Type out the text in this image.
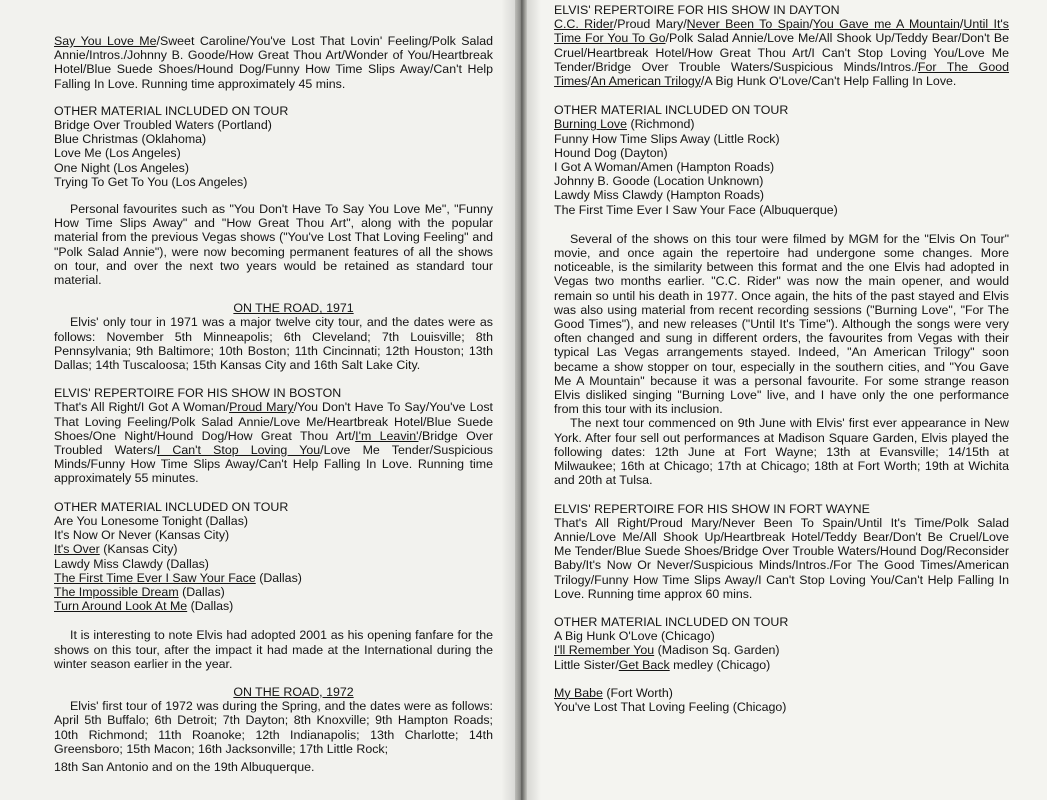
Say You Love Me/Sweet Caroline/You've Lost That Lovin' Feeling/Polk Salad Annie/Intros./Johnny B. Goode/How Great Thou Art/Wonder of You/Heartbreak Hotel/Blue Suede Shoes/Hound Dog/Funny How Time Slips Away/Can't Help Falling In Love. Running time approximately 45 mins.

OTHER MATERIAL INCLUDED ON TOUR

Bridge Over Troubled Waters (Portland)
Blue Christmas (Oklahoma)
Love Me (Los Angeles)
One Night (Los Angeles)
Trying To Get To You (Los Angeles)

Personal favourites such as "You Don't Have To Say You Love Me", "Funny How Time Slips Away" and "How Great Thou Art", along with the popular material from the previous Vegas shows ("You've Lost That Loving Feeling" and "Polk Salad Annie"), were now becoming permanent features of all the shows on tour, and over the next two years would be retained as standard tour material.

ON THE ROAD, 1971

Elvis' only tour in 1971 was a major twelve city tour, and the dates were as follows: November 5th Minneapolis; 6th Cleveland; 7th Louisville; 8th Pennsylvania; 9th Baltimore; 10th Boston; 11th Cincinnati; 12th Houston; 13th Dallas; 14th Tuscaloosa; 15th Kansas City and 16th Salt Lake City.

ELVIS' REPERTOIRE FOR HIS SHOW IN BOSTON

That's All Right/I Got A Woman/Proud Mary/You Don't Have To Say/You've Lost That Loving Feeling/Polk Salad Annie/Love Me/Heartbreak Hotel/Blue Suede Shoes/One Night/Hound Dog/How Great Thou Art/I'm Leavin'/Bridge Over Troubled Waters/I Can't Stop Loving You/Love Me Tender/Suspicious Minds/Funny How Time Slips Away/Can't Help Falling In Love. Running time approximately 55 minutes.

OTHER MATERIAL INCLUDED ON TOUR

Are You Lonesome Tonight (Dallas)
It's Now Or Never (Kansas City)
It's Over (Kansas City)
Lawdy Miss Clawdy (Dallas)
The First Time Ever I Saw Your Face (Dallas)
The Impossible Dream (Dallas)
Turn Around Look At Me (Dallas)

It is interesting to note Elvis had adopted 2001 as his opening fanfare for the shows on this tour, after the impact it had made at the International during the winter season earlier in the year.

ON THE ROAD, 1972

Elvis' first tour of 1972 was during the Spring, and the dates were as follows: April 5th Buffalo; 6th Detroit; 7th Dayton; 8th Knoxville; 9th Hampton Roads; 10th Richmond; 11th Roanoke; 12th Indianapolis; 13th Charlotte; 14th Greensboro; 15th Macon; 16th Jacksonville; 17th Little Rock;

18th San Antonio and on the 19th Albuquerque.

ELVIS' REPERTOIRE FOR HIS SHOW IN DAYTON

C.C. Rider/Proud Mary/Never Been To Spain/You Gave me A Mountain/Until It's Time For You To Go/Polk Salad Annie/Love Me/All Shook Up/Teddy Bear/Don't Be Cruel/Heartbreak Hotel/How Great Thou Art/I Can't Stop Loving You/Love Me Tender/Bridge Over Trouble Waters/Suspicious Minds/Intros./For The Good Times/An American Trilogy/A Big Hunk O'Love/Can't Help Falling In Love.

OTHER MATERIAL INCLUDED ON TOUR

Burning Love (Richmond)
Funny How Time Slips Away (Little Rock)
Hound Dog (Dayton)
I Got A Woman/Amen (Hampton Roads)
Johnny B. Goode (Location Unknown)
Lawdy Miss Clawdy (Hampton Roads)
The First Time Ever I Saw Your Face (Albuquerque)

Several of the shows on this tour were filmed by MGM for the "Elvis On Tour" movie, and once again the repertoire had undergone some changes. More noticeable, is the similarity between this format and the one Elvis had adopted in Vegas two months earlier. "C.C. Rider" was now the main opener, and would remain so until his death in 1977. Once again, the hits of the past stayed and Elvis was also using material from recent recording sessions ("Burning Love", "For The Good Times"), and new releases ("Until It's Time"). Although the songs were very often changed and sung in different orders, the favourites from Vegas with their typical Las Vegas arrangements stayed. Indeed, "An American Trilogy" soon became a show stopper on tour, especially in the southern cities, and "You Gave Me A Mountain" because it was a personal favourite. For some strange reason Elvis disliked singing "Burning Love" live, and I have only the one performance from this tour with its inclusion.

The next tour commenced on 9th June with Elvis' first ever appearance in New York. After four sell out performances at Madison Square Garden, Elvis played the following dates: 12th June at Fort Wayne; 13th at Evansville; 14/15th at Milwaukee; 16th at Chicago; 17th at Chicago; 18th at Fort Worth; 19th at Wichita and 20th at Tulsa.

ELVIS' REPERTOIRE FOR HIS SHOW IN FORT WAYNE

That's All Right/Proud Mary/Never Been To Spain/Until It's Time/Polk Salad Annie/Love Me/All Shook Up/Heartbreak Hotel/Teddy Bear/Don't Be Cruel/Love Me Tender/Blue Suede Shoes/Bridge Over Trouble Waters/Hound Dog/Reconsider Baby/It's Now Or Never/Suspicious Minds/Intros./For The Good Times/American Trilogy/Funny How Time Slips Away/I Can't Stop Loving You/Can't Help Falling In Love. Running time approx 60 mins.

OTHER MATERIAL INCLUDED ON TOUR

A Big Hunk O'Love (Chicago)
I'll Remember You (Madison Sq. Garden)
Little Sister/Get Back medley (Chicago)
My Babe (Fort Worth)
You've Lost That Loving Feeling (Chicago)
